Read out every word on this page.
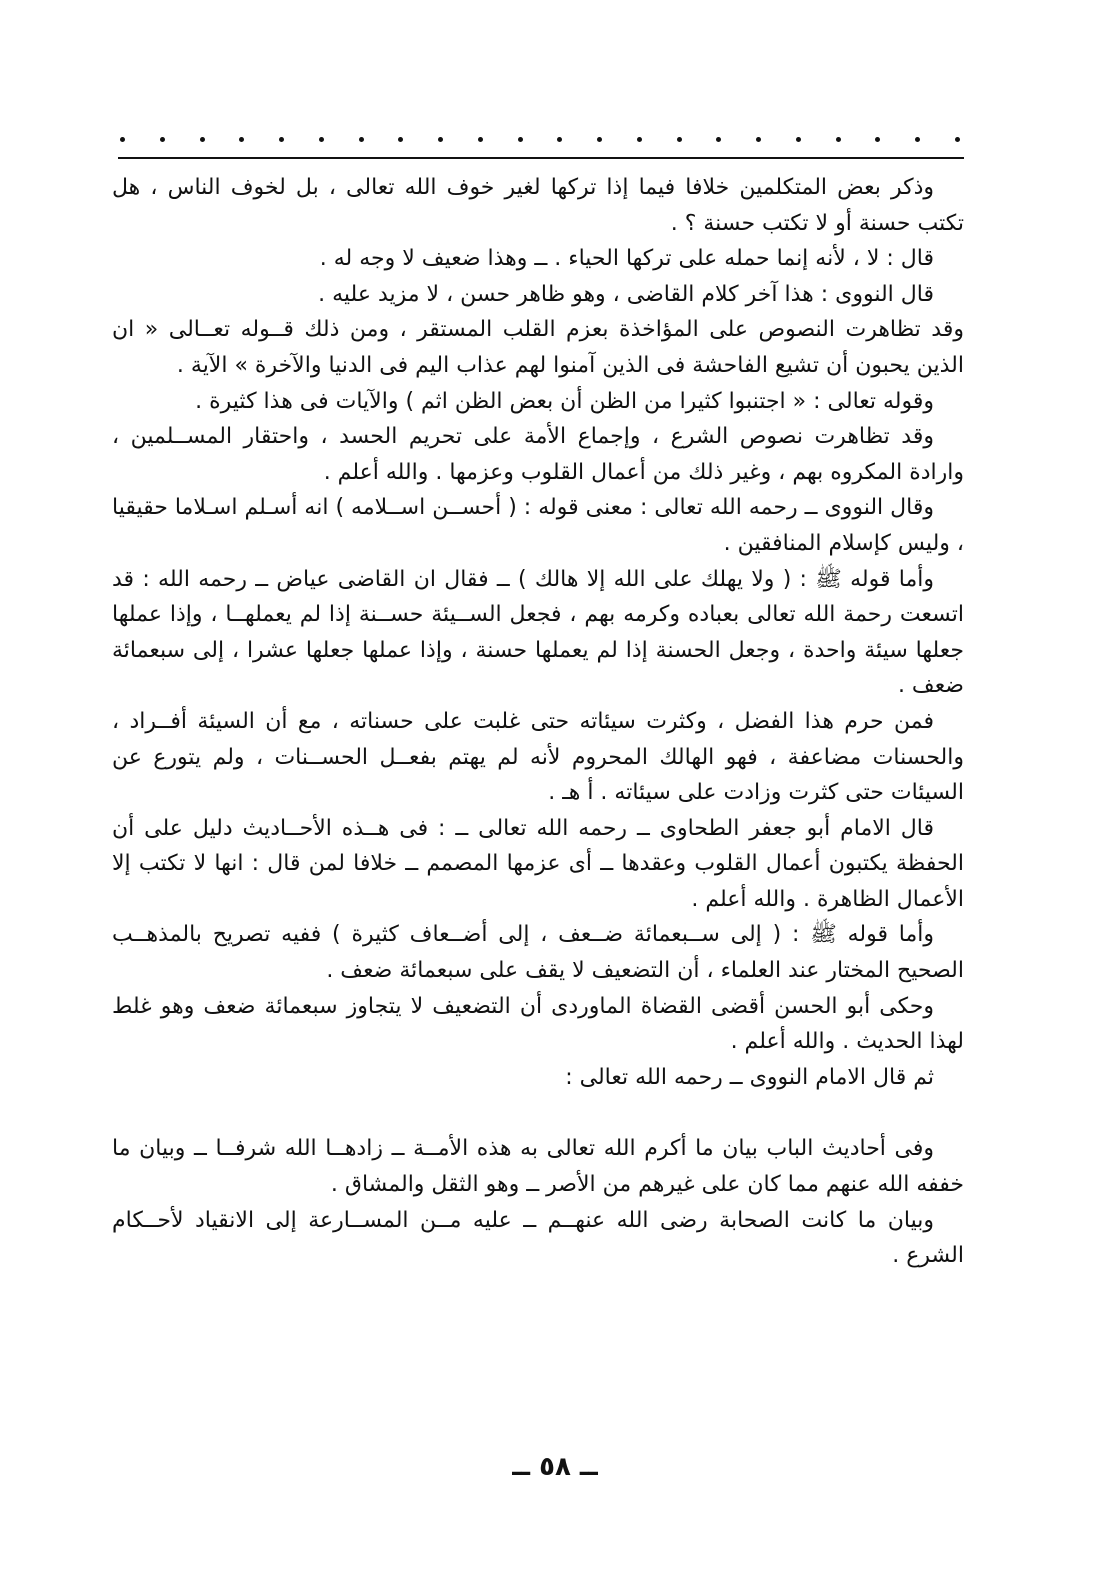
وذكر بعض المتكلمين خلافا فيما إذا تركها لغير خوف الله تعالى ، بل لخوف الناس ، هل تكتب حسنة أو لا تكتب حسنة ؟ .

قال : لا ، لأنه إنما حمله على تركها الحياء . ــ وهذا ضعيف لا وجه له .

قال النووى : هذا آخر كلام القاضى ، وهو ظاهر حسن ، لا مزيد عليه .

وقد تظاهرت النصوص على المؤاخذة بعزم القلب المستقر ، ومن ذلك قــوله تعــالى « ان الذين يحبون أن تشيع الفاحشة فى الذين آمنوا لهم عذاب اليم فى الدنيا والآخرة » الآية .

وقوله تعالى : « اجتنبوا كثيرا من الظن أن بعض الظن اثم ) والآيات فى هذا كثيرة .

وقد تظاهرت نصوص الشرع ، وإجماع الأمة على تحريم الحسد ، واحتقار المســلمين ، وارادة المكروه بهم ، وغير ذلك من أعمال القلوب وعزمها . والله أعلم .

وقال النووى ــ رحمه الله تعالى : معنى قوله : ( أحســن اســلامه ) انه أسـلم اسـلاما حقيقيا ، وليس كإسلام المنافقين .

وأما قوله ﷺ : ( ولا يهلك على الله إلا هالك ) ــ فقال ان القاضى عياض ــ رحمه الله : قد اتسعت رحمة الله تعالى بعباده وكرمه بهم ، فجعل الســيئة حســنة إذا لم يعملهــا ، وإذا عملها جعلها سيئة واحدة ، وجعل الحسنة إذا لم يعملها حسنة ، وإذا عملها جعلها عشرا ، إلى سبعمائة ضعف .

فمن حرم هذا الفضل ، وكثرت سيئاته حتى غلبت على حسناته ، مع أن السيئة أفــراد ، والحسنات مضاعفة ، فهو الهالك المحروم لأنه لم يهتم بفعــل الحســنات ، ولم يتورع عن السيئات حتى كثرت وزادت على سيئاته . أ هـ .

قال الامام أبو جعفر الطحاوى ــ رحمه الله تعالى ــ : فى هــذه الأحــاديث دليل على أن الحفظة يكتبون أعمال القلوب وعقدها ــ أى عزمها المصمم ــ خلافا لمن قال : انها لا تكتب إلا الأعمال الظاهرة . والله أعلم .

وأما قوله ﷺ : ( إلى ســبعمائة ضــعف ، إلى أضــعاف كثيرة ) ففيه تصريح بالمذهــب الصحيح المختار عند العلماء ، أن التضعيف لا يقف على سبعمائة ضعف .

وحكى أبو الحسن أقضى القضاة الماوردى أن التضعيف لا يتجاوز سبعمائة ضعف وهو غلط لهذا الحديث . والله أعلم .

ثم قال الامام النووى ــ رحمه الله تعالى :

وفى أحاديث الباب بيان ما أكرم الله تعالى به هذه الأمــة ــ زادهــا الله شرفــا ــ وبيان ما خففه الله عنهم مما كان على غيرهم من الأصر ــ وهو الثقل والمشاق .

وبيان ما كانت الصحابة رضى الله عنهــم ــ عليه مــن المســارعة إلى الانقياد لأحــكام الشرع .

ــ ٥٨ ــ
